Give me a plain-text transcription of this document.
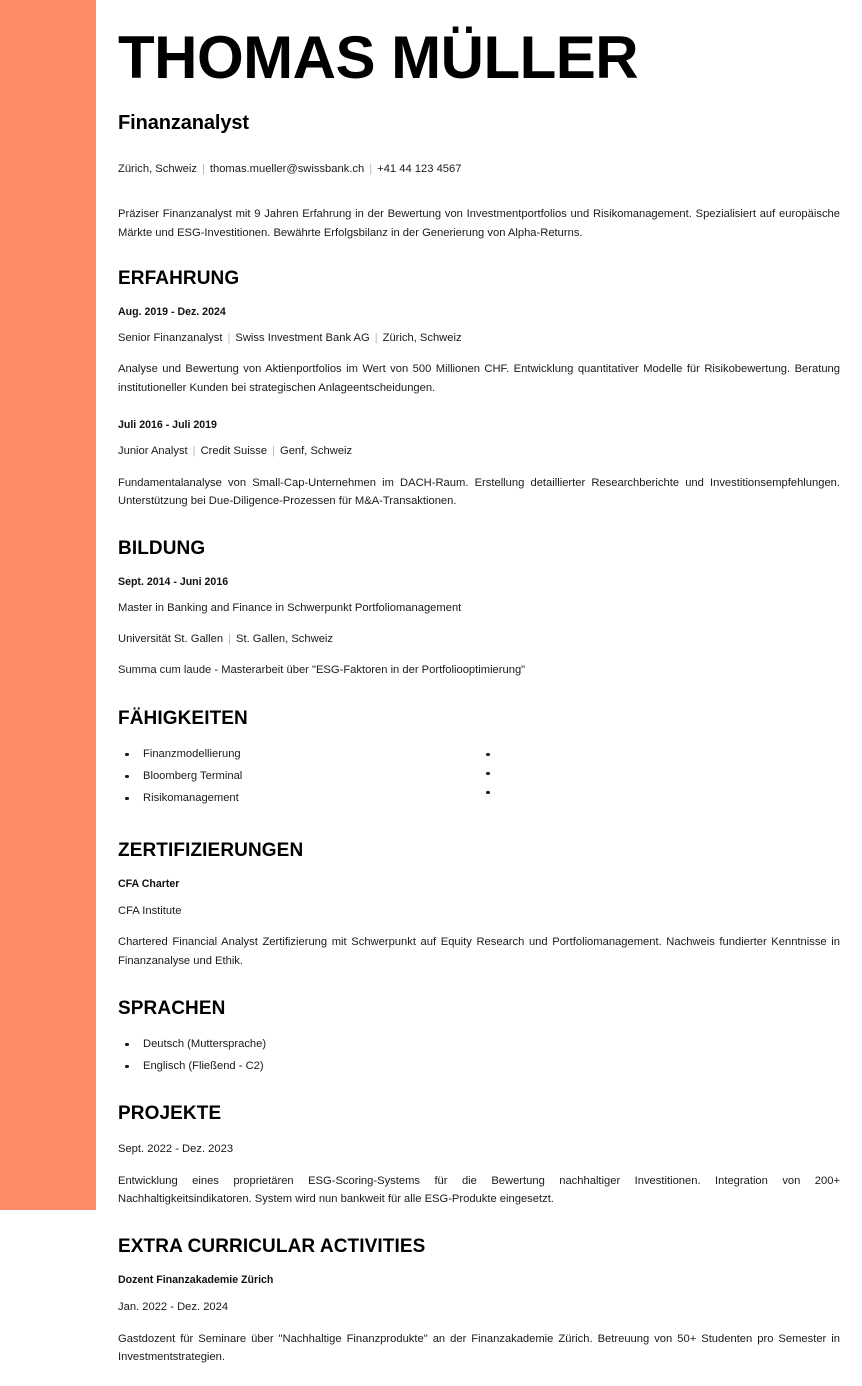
THOMAS MÜLLER
Finanzanalyst
Zürich, Schweiz | thomas.mueller@swissbank.ch | +41 44 123 4567

Präziser Finanzanalyst mit 9 Jahren Erfahrung in der Bewertung von Investmentportfolios und Risikomanagement. Spezialisiert auf europäische Märkte und ESG-Investitionen. Bewährte Erfolgsbilanz in der Generierung von Alpha-Returns.

ERFAHRUNG
Aug. 2019 - Dez. 2024
Senior Finanzanalyst | Swiss Investment Bank AG | Zürich, Schweiz

Analyse und Bewertung von Aktienportfolios im Wert von 500 Millionen CHF. Entwicklung quantitativer Modelle für Risikobewertung. Beratung institutioneller Kunden bei strategischen Anlageentscheidungen.

Juli 2016 - Juli 2019
Junior Analyst | Credit Suisse | Genf, Schweiz

Fundamentalanalyse von Small-Cap-Unternehmen im DACH-Raum. Erstellung detaillierter Researchberichte und Investitionsempfehlungen. Unterstützung bei Due-Diligence-Prozessen für M&A-Transaktionen.

BILDUNG
Sept. 2014 - Juni 2016
Master in Banking and Finance in Schwerpunkt Portfoliomanagement
Universität St. Gallen | St. Gallen, Schweiz

Summa cum laude - Masterarbeit über "ESG-Faktoren in der Portfoliooptimierung"

FÄHIGKEITEN
Finanzmodellierung
Bloomberg Terminal
Risikomanagement
ZERTIFIZIERUNGEN
CFA Charter
CFA Institute

Chartered Financial Analyst Zertifizierung mit Schwerpunkt auf Equity Research und Portfoliomanagement. Nachweis fundierter Kenntnisse in Finanzanalyse und Ethik.

SPRACHEN
Deutsch (Muttersprache)
Englisch (Fließend - C2)
PROJEKTE
Sept. 2022 - Dez. 2023

Entwicklung eines proprietären ESG-Scoring-Systems für die Bewertung nachhaltiger Investitionen. Integration von 200+ Nachhaltigkeitsindikatoren. System wird nun bankweit für alle ESG-Produkte eingesetzt.

EXTRA CURRICULAR ACTIVITIES
Dozent Finanzakademie Zürich
Jan. 2022 - Dez. 2024

Gastdozent für Seminare über "Nachhaltige Finanzprodukte" an der Finanzakademie Zürich. Betreuung von 50+ Studenten pro Semester in Investmentstrategien.
